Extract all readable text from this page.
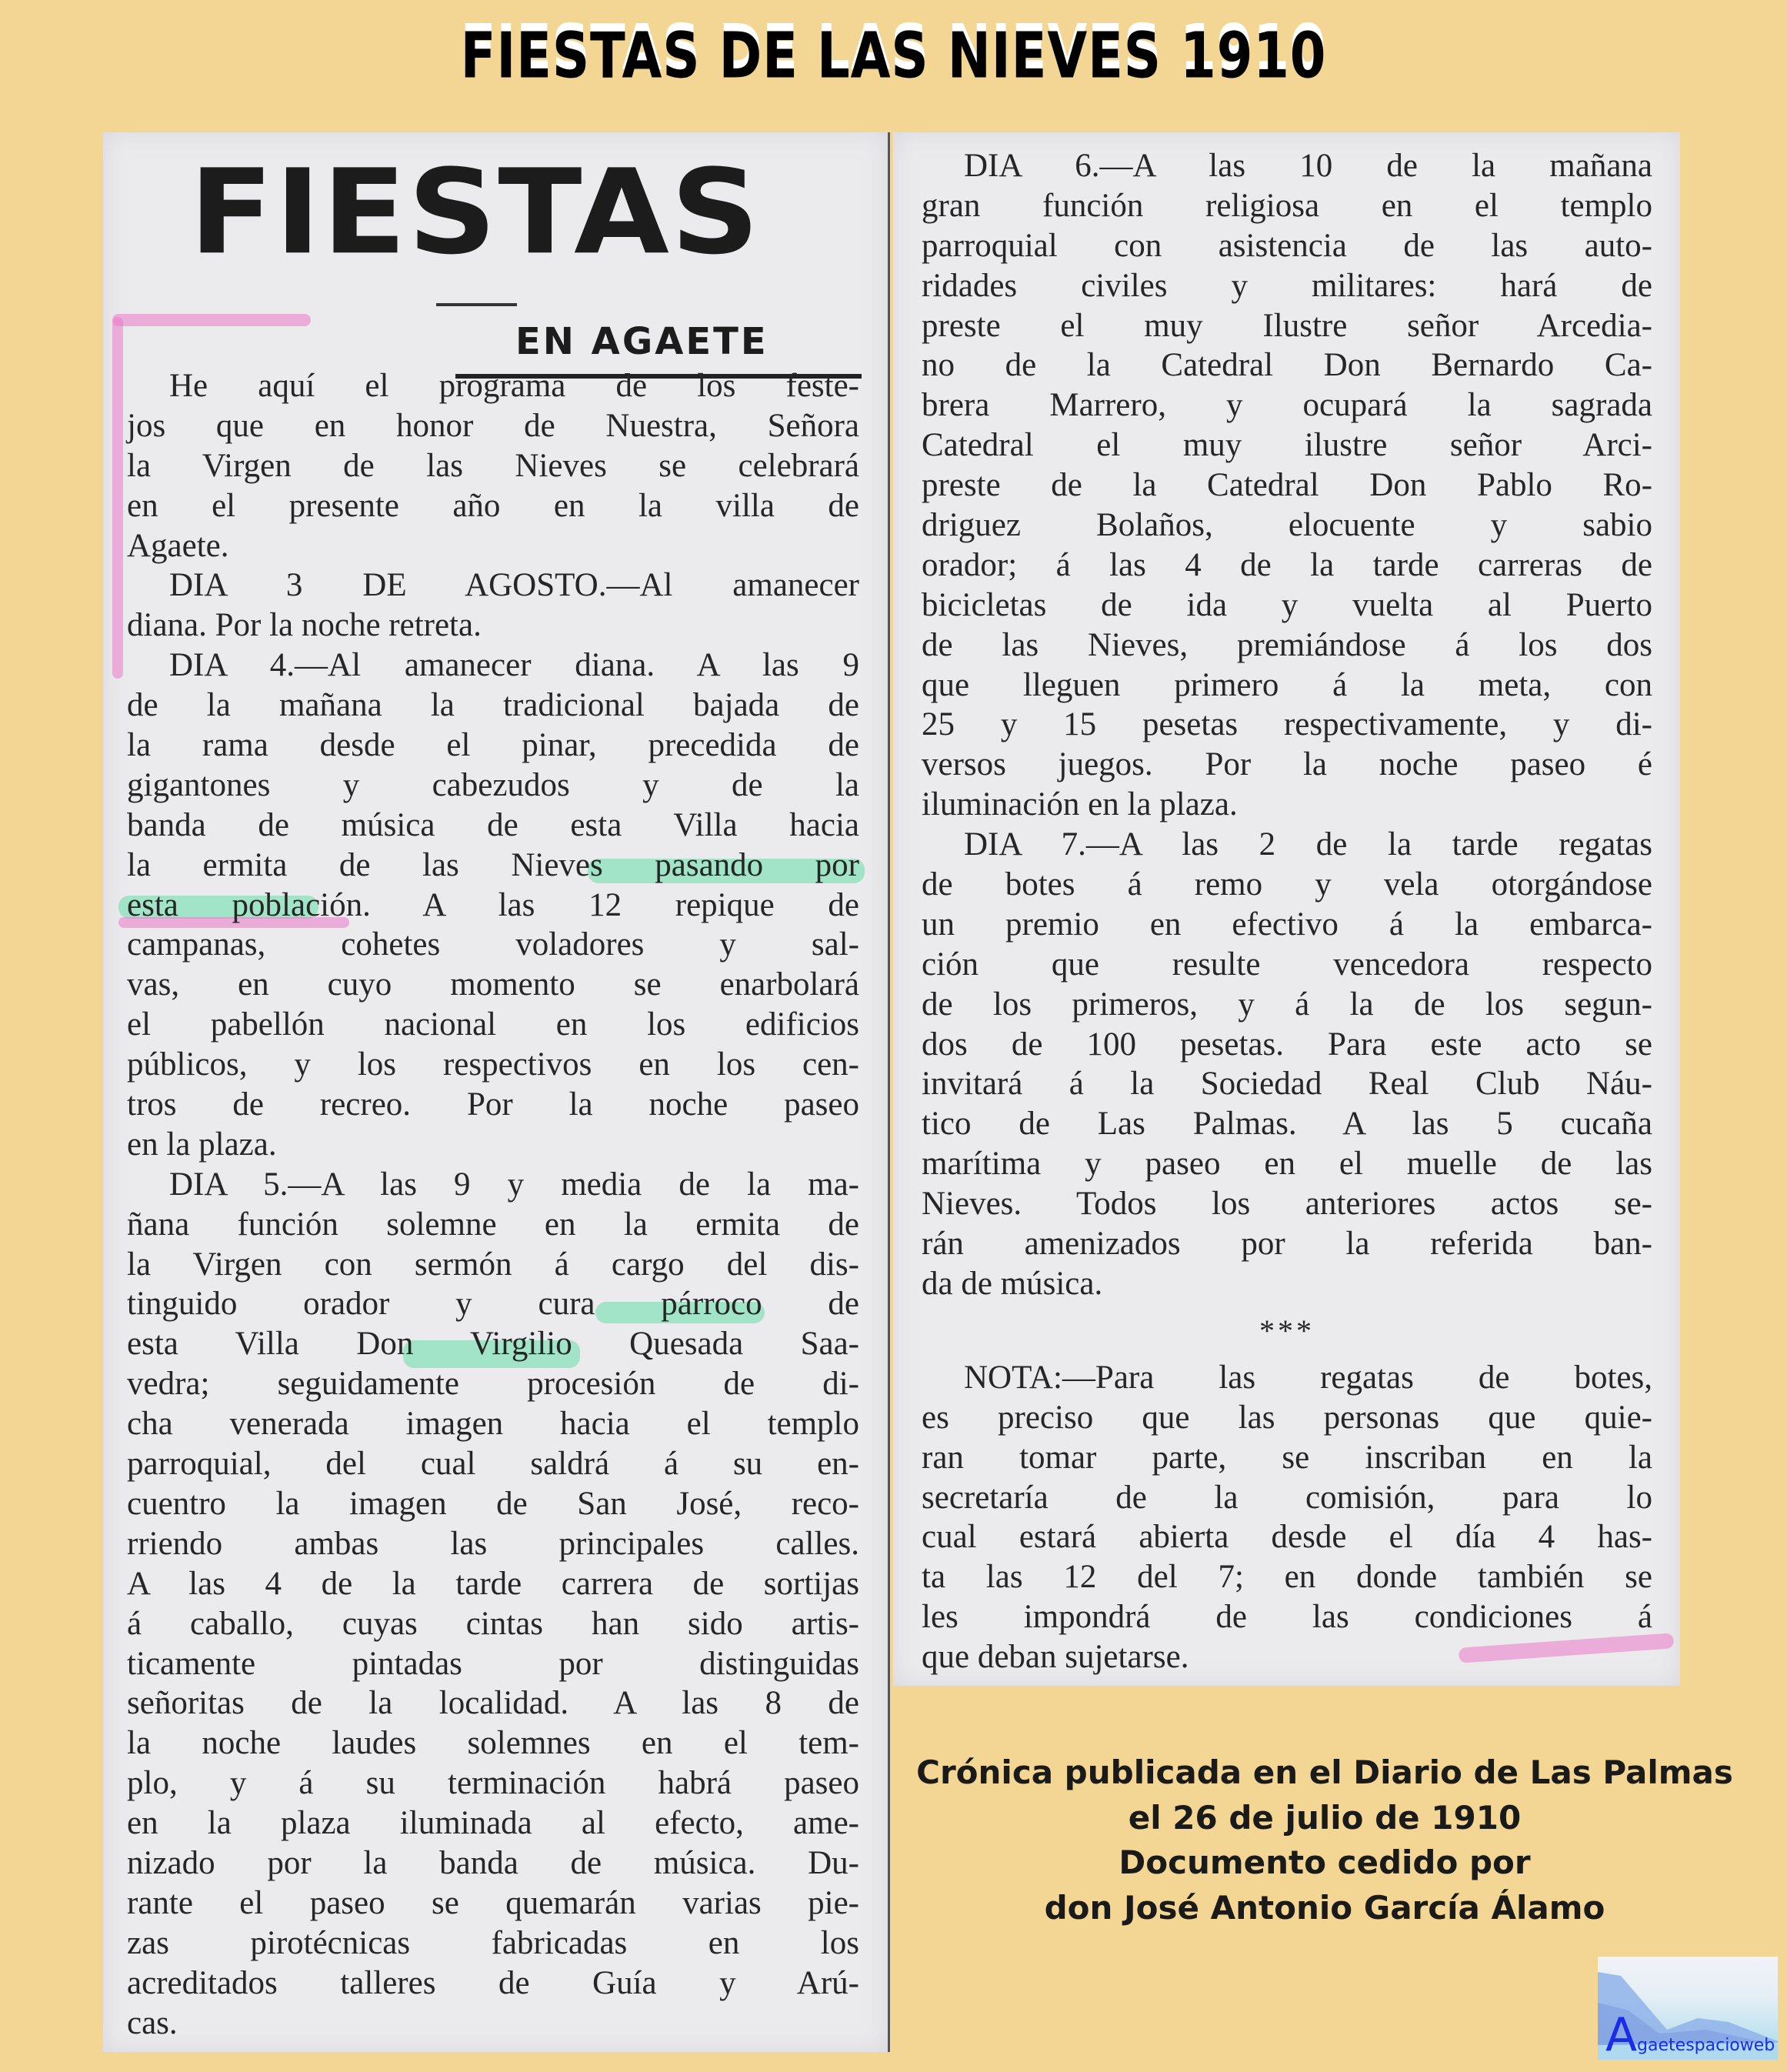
FIESTAS DE LAS NIEVES 1910
FIESTAS
EN AGAETE
He aquí el programa de los feste-
jos que en honor de Nuestra, Señora
la Virgen de las Nieves se celebrará
en el presente año en la villa de
Agaete.
DIA 3 DE AGOSTO.—Al amanecer
diana. Por la noche retreta.
DIA 4.—Al amanecer diana. A las 9
de la mañana la tradicional bajada de
la rama desde el pinar, precedida de
gigantones y cabezudos y de la
banda de música de esta Villa hacia
la ermita de las Nieves pasando por
esta población. A las 12 repique de
campanas, cohetes voladores y sal-
vas, en cuyo momento se enarbolará
el pabellón nacional en los edificios
públicos, y los respectivos en los cen-
tros de recreo. Por la noche paseo
en la plaza.
DIA 5.—A las 9 y media de la ma-
ñana función solemne en la ermita de
la Virgen con sermón á cargo del dis-
tinguido orador y cura párroco de
esta Villa Don Virgilio Quesada Saa-
vedra; seguidamente procesión de di-
cha venerada imagen hacia el templo
parroquial, del cual saldrá á su en-
cuentro la imagen de San José, reco-
rriendo ambas las principales calles.
A las 4 de la tarde carrera de sortijas
á caballo, cuyas cintas han sido artis-
ticamente pintadas por distinguidas
señoritas de la localidad. A las 8 de
la noche laudes solemnes en el tem-
plo, y á su terminación habrá paseo
en la plaza iluminada al efecto, ame-
nizado por la banda de música. Du-
rante el paseo se quemarán varias pie-
zas pirotécnicas fabricadas en los
acreditados talleres de Guía y Arú-
cas.
DIA 6.—A las 10 de la mañana
gran función religiosa en el templo
parroquial con asistencia de las auto-
ridades civiles y militares: hará de
preste el muy Ilustre señor Arcedia-
no de la Catedral Don Bernardo Ca-
brera Marrero, y ocupará la sagrada
Catedral el muy ilustre señor Arci-
preste de la Catedral Don Pablo Ro-
driguez Bolaños, elocuente y sabio
orador; á las 4 de la tarde carreras de
bicicletas de ida y vuelta al Puerto
de las Nieves, premiándose á los dos
que lleguen primero á la meta, con
25 y 15 pesetas respectivamente, y di-
versos juegos. Por la noche paseo é
iluminación en la plaza.
DIA 7.—A las 2 de la tarde regatas
de botes á remo y vela otorgándose
un premio en efectivo á la embarca-
ción que resulte vencedora respecto
de los primeros, y á la de los segun-
dos de 100 pesetas. Para este acto se
invitará á la Sociedad Real Club Náu-
tico de Las Palmas. A las 5 cucaña
marítima y paseo en el muelle de las
Nieves. Todos los anteriores actos se-
rán amenizados por la referida ban-
da de música.
***
NOTA:—Para las regatas de botes,
es preciso que las personas que quie-
ran tomar parte, se inscriban en la
secretaría de la comisión, para lo
cual estará abierta desde el día 4 has-
ta las 12 del 7; en donde también se
les impondrá de las condiciones á
que deban sujetarse.
Crónica publicada en el Diario de Las Palmas
el 26 de julio de 1910
Documento cedido por
don José Antonio García Álamo
Agaetespacioweb
